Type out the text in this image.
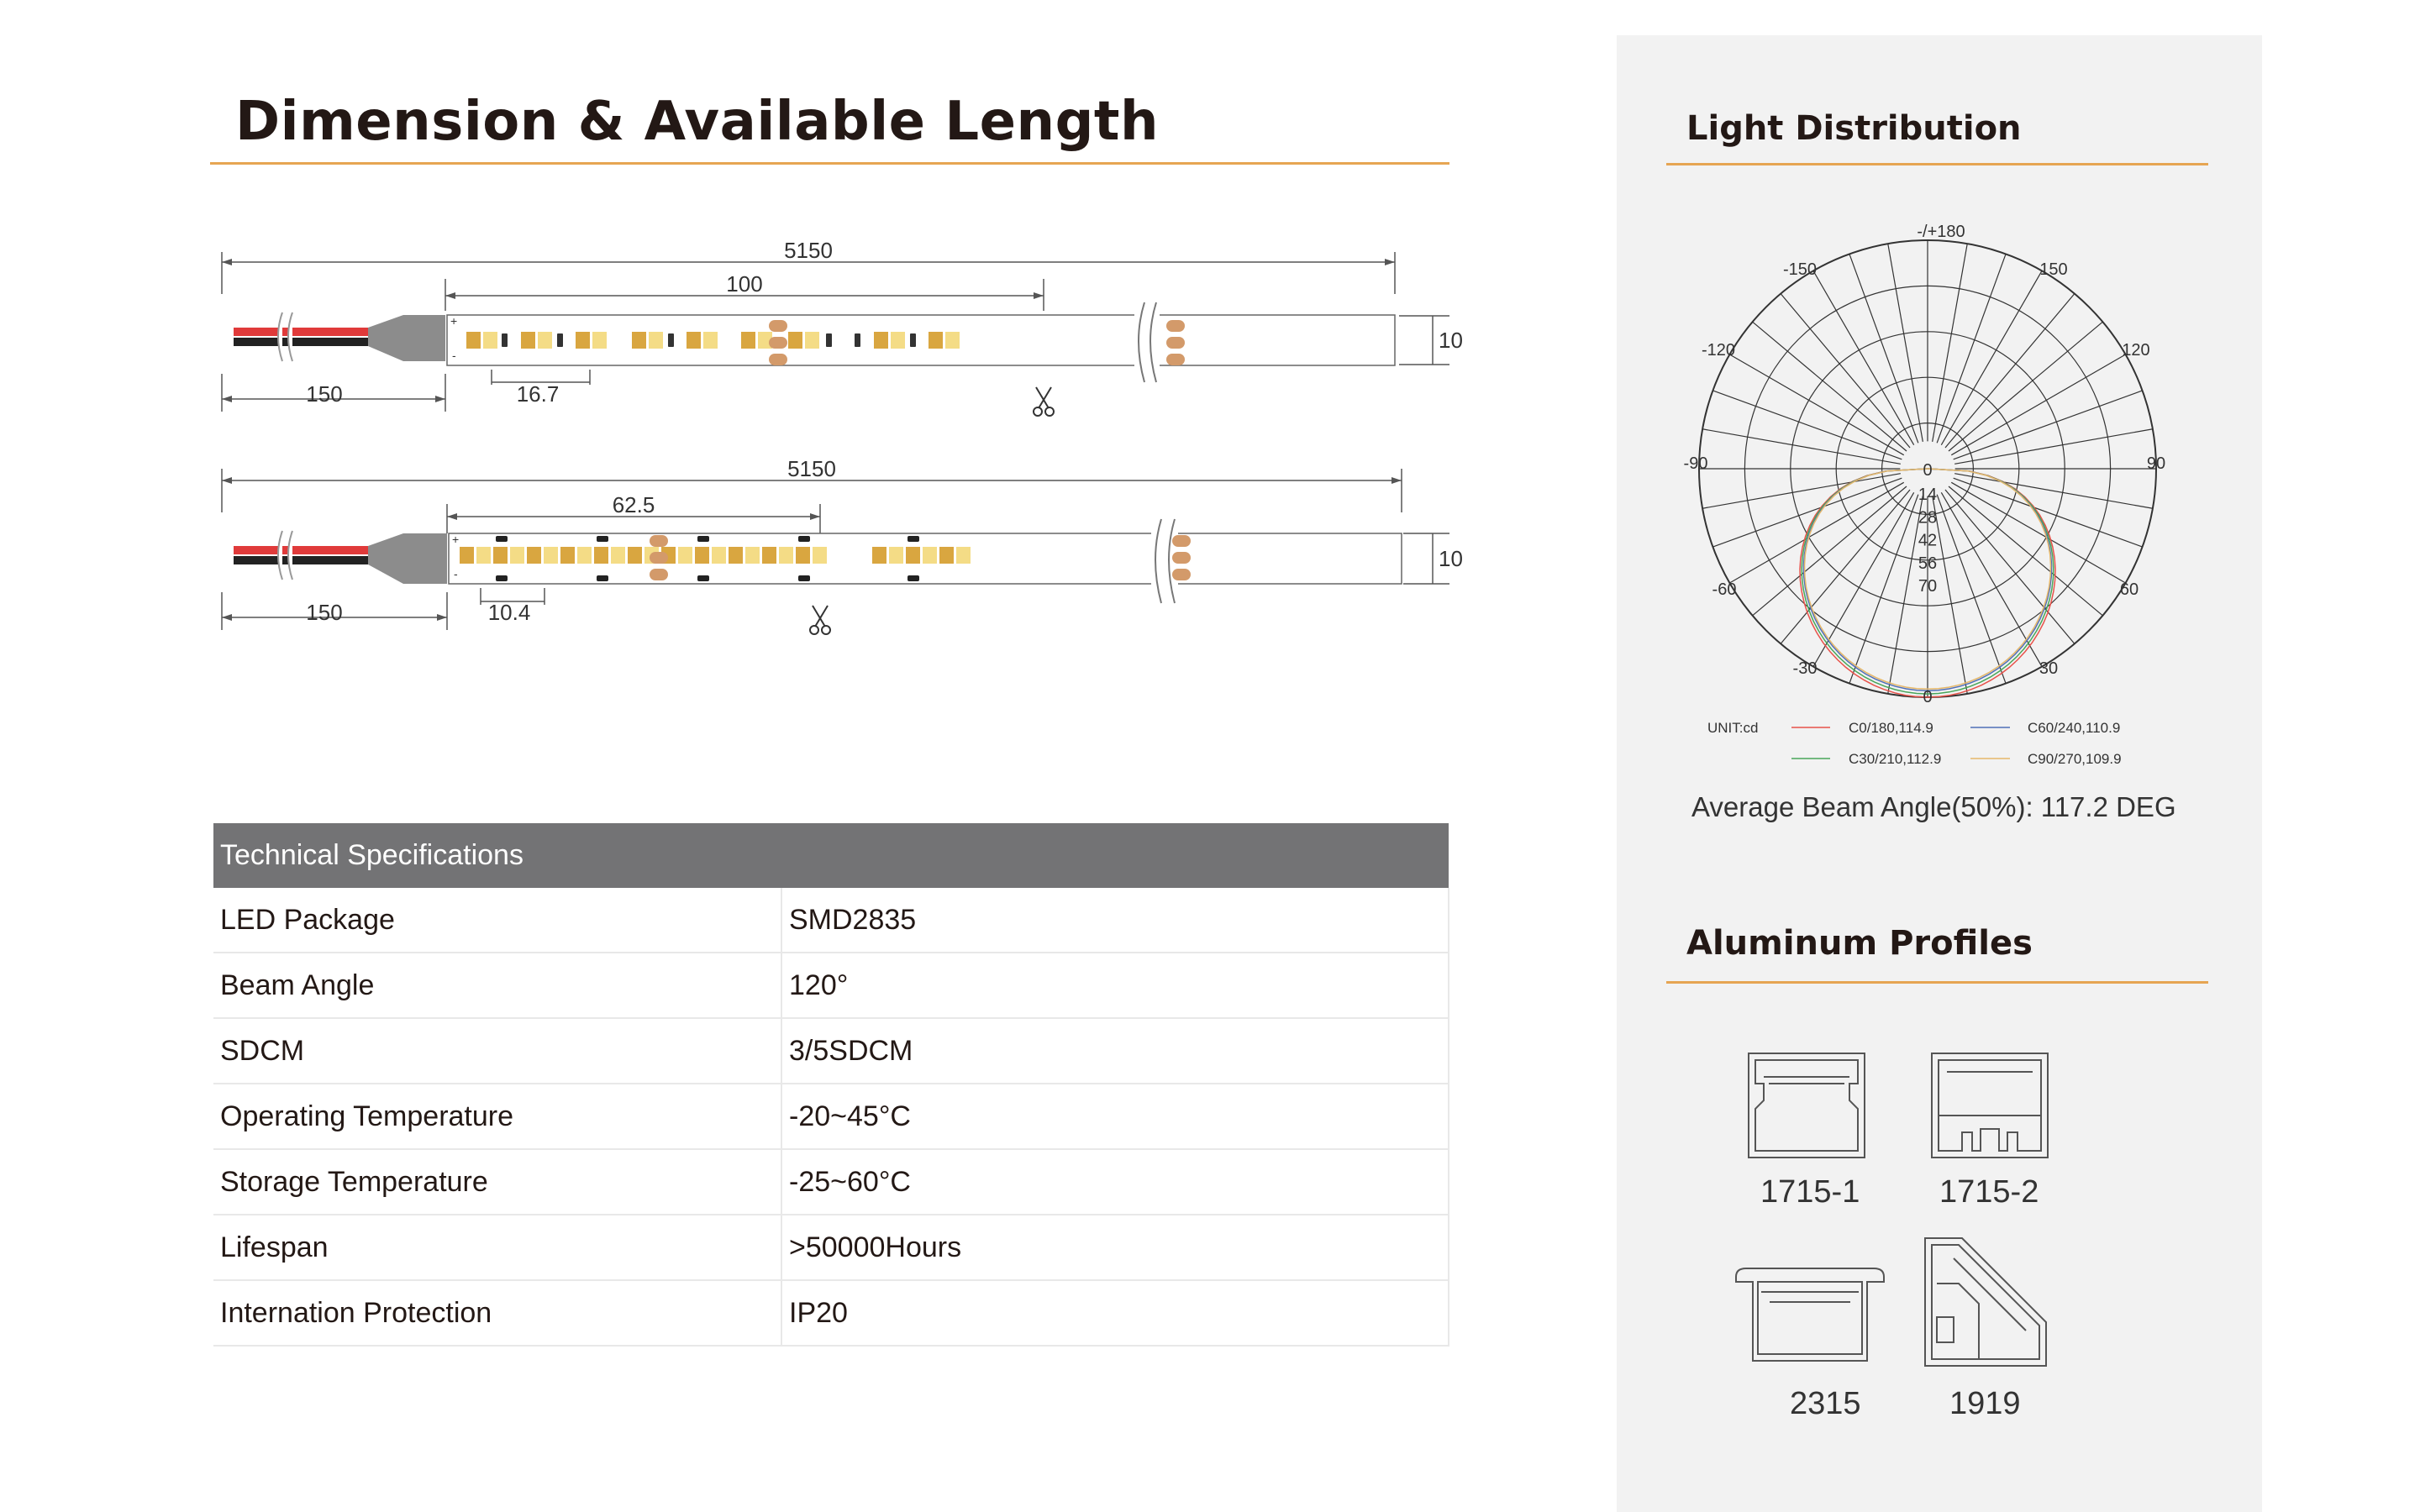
Dimension & Available Length
5150
100
10
150	16.7
+
-
5150
62.5
10
150	10.4
+
-
Technical Specifications	
LED Package	SMD2835
Beam Angle	120°
SDCM	3/5SDCM
Operating Temperature	-20~45°C
Storage Temperature	-25~60°C
Lifespan	>50000Hours
Internation Protection	IP20
Light Distribution
-/+180
-150	150
-120	120
-90	90
-60	60
-30	30
0
0
14
28
42
56
70
UNIT:cd	C0/180,114.9	C60/240,110.9
C30/210,112.9	C90/270,109.9
Average Beam Angle(50%): 117.2 DEG
Aluminum Profiles
1715-1 1715-2
2315	1919
